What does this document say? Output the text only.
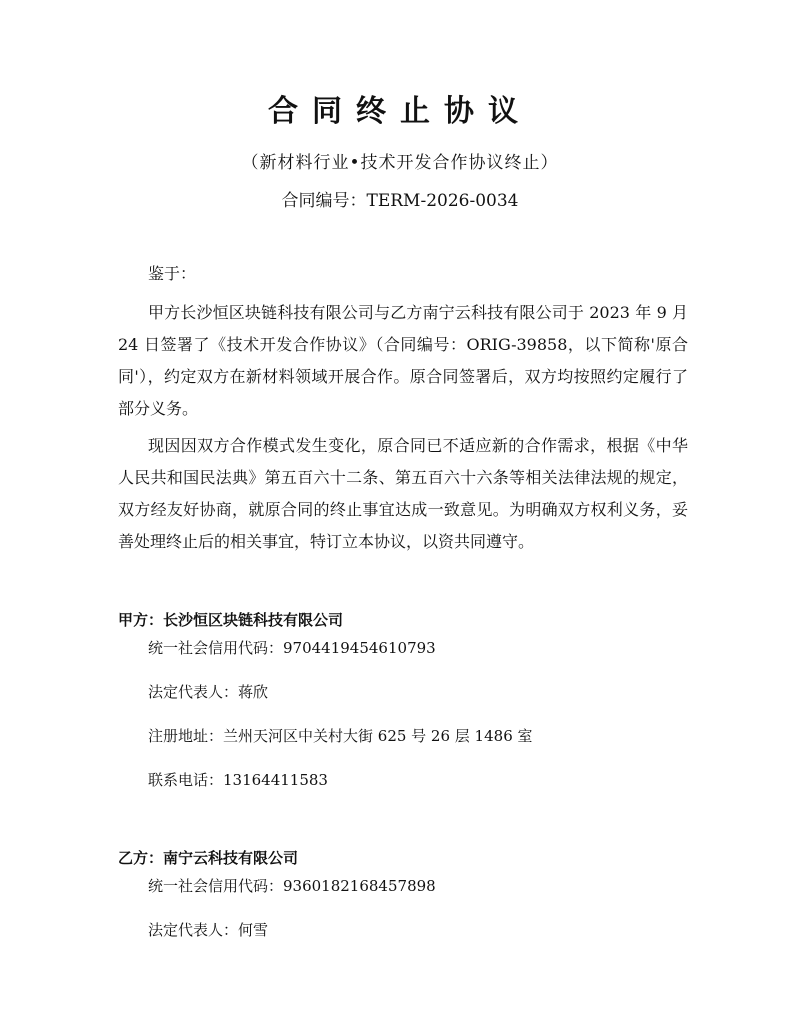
合同终止协议
（新材料行业•技术开发合作协议终止）
合同编号：TERM-2026-0034

鉴于：

甲方长沙恒区块链科技有限公司与乙方南宁云科技有限公司于 2023 年 9 月 24 日签署了《技术开发合作协议》（合同编号：ORIG-39858，以下简称'原合同'），约定双方在新材料领域开展合作。原合同签署后，双方均按照约定履行了部分义务。

现因因双方合作模式发生变化，原合同已不适应新的合作需求，根据《中华人民共和国民法典》第五百六十二条、第五百六十六条等相关法律法规的规定，双方经友好协商，就原合同的终止事宜达成一致意见。为明确双方权利义务，妥善处理终止后的相关事宜，特订立本协议，以资共同遵守。

甲方：长沙恒区块链科技有限公司
统一社会信用代码：9704419454610793
法定代表人：蒋欣
注册地址：兰州天河区中关村大街 625 号 26 层 1486 室
联系电话：13164411583
乙方：南宁云科技有限公司
统一社会信用代码：9360182168457898
法定代表人：何雪
